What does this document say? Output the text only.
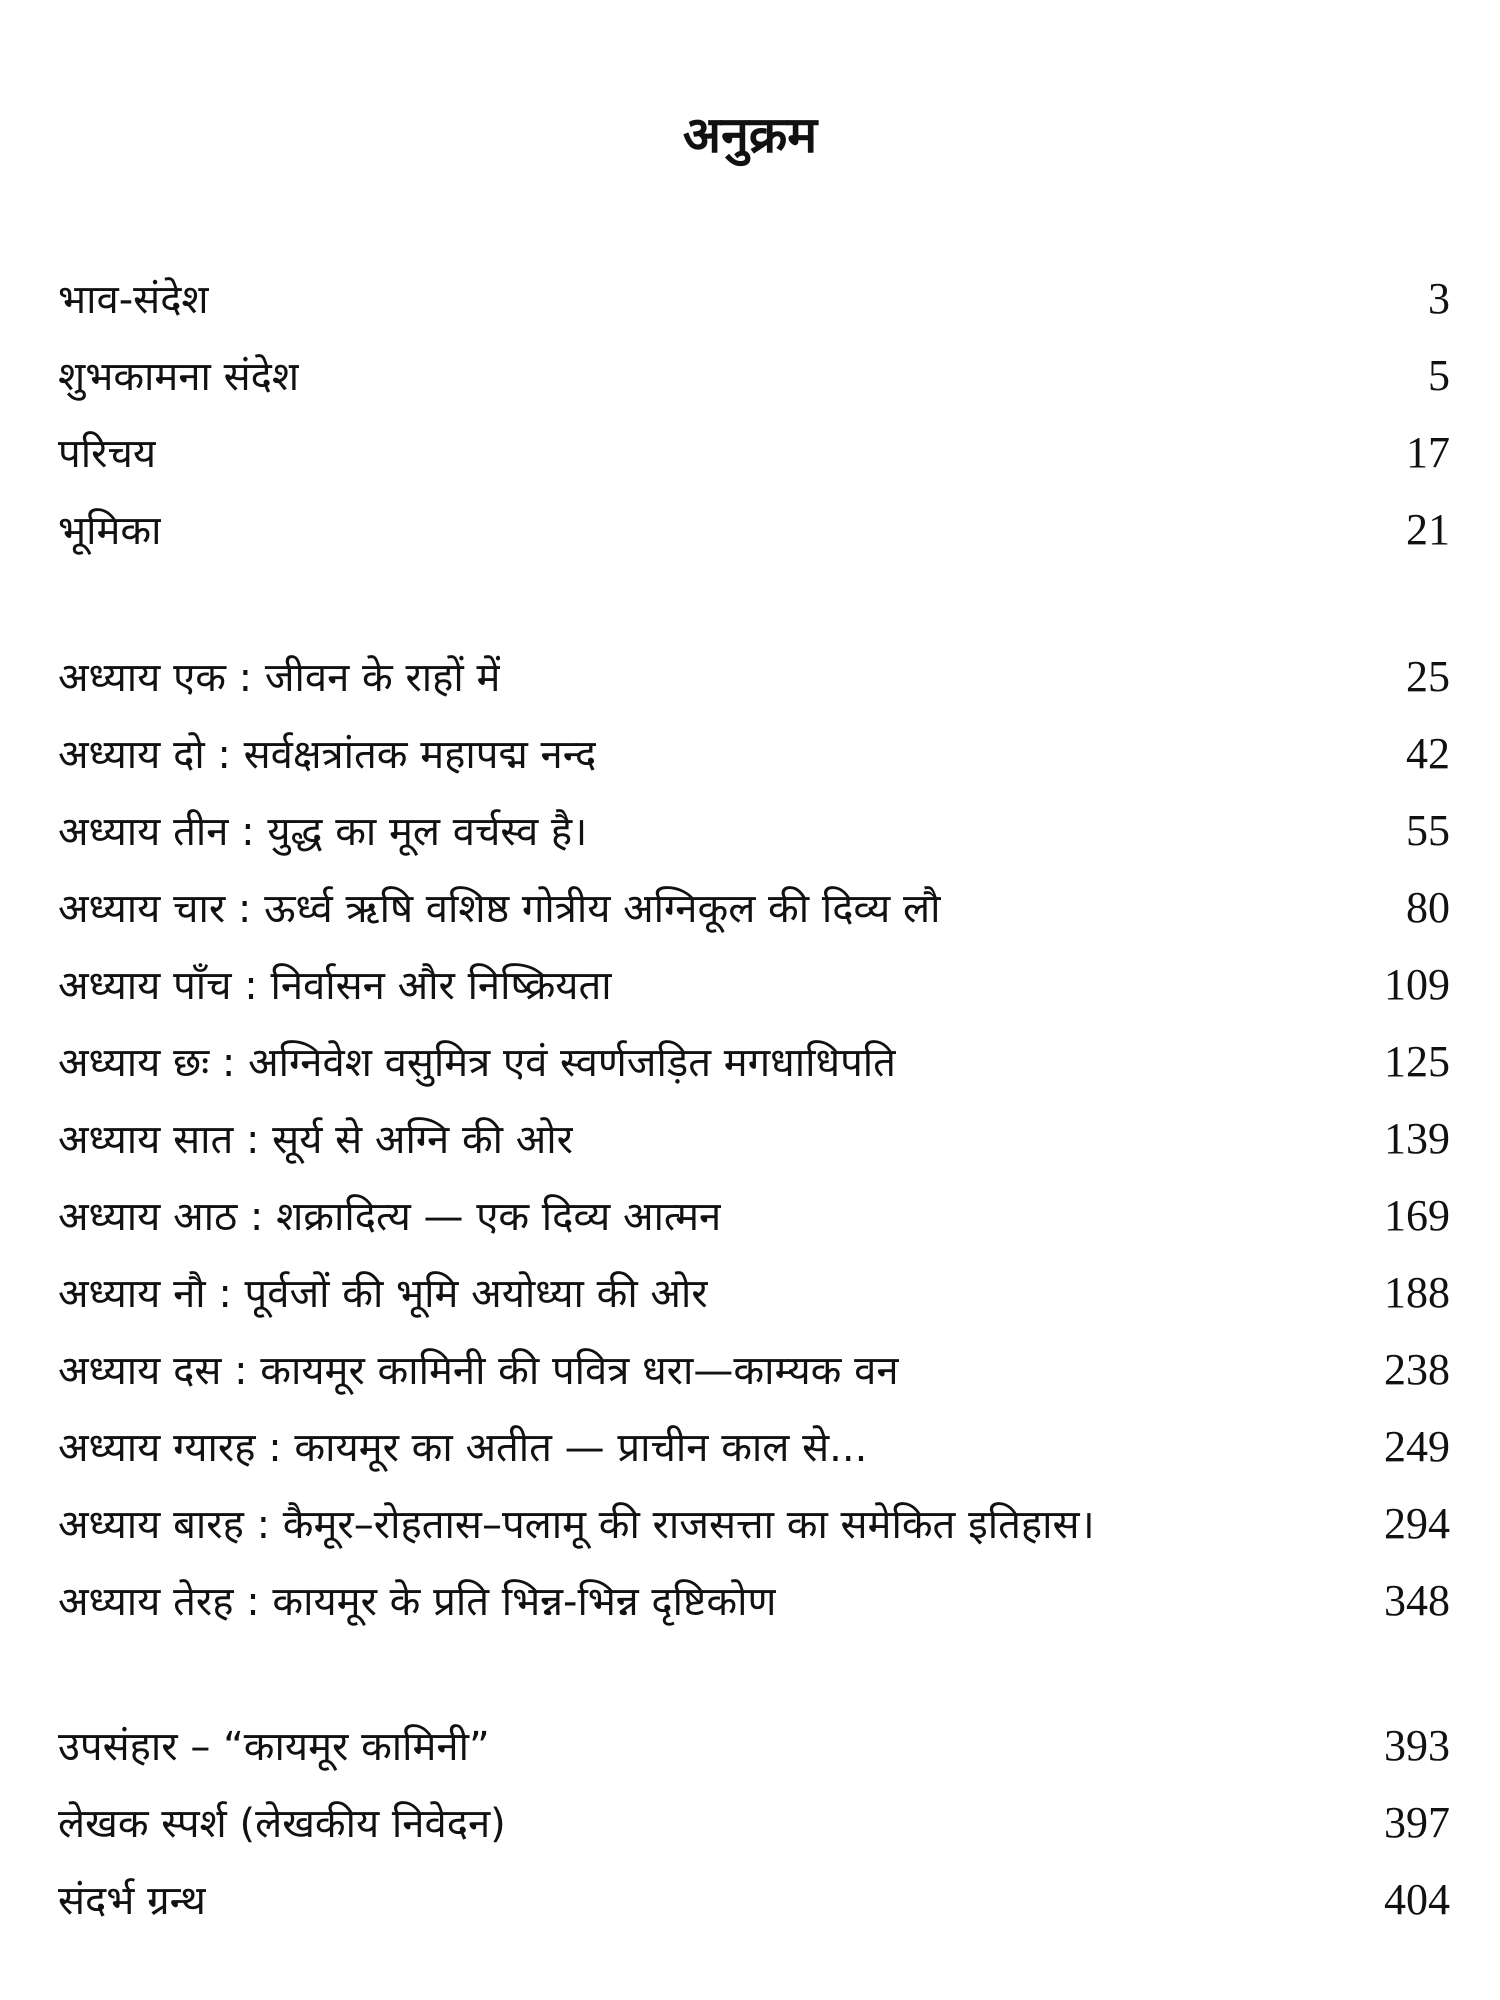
अनुक्रम
भाव-संदेश	3
शुभकामना संदेश	5
परिचय	17
भूमिका	21
अध्याय एक : जीवन के राहों में	25
अध्याय दो : सर्वक्षत्रांतक महापद्म नन्द	42
अध्याय तीन : युद्ध का मूल वर्चस्व है।	55
अध्याय चार : ऊर्ध्व ऋषि वशिष्ठ गोत्रीय अग्निकूल की दिव्य लौ	80
अध्याय पाँच : निर्वासन और निष्क्रियता	109
अध्याय छः : अग्निवेश वसुमित्र एवं स्वर्णजड़ित मगधाधिपति	125
अध्याय सात : सूर्य से अग्नि की ओर	139
अध्याय आठ : शक्रादित्य — एक दिव्य आत्मन	169
अध्याय नौ : पूर्वजों की भूमि अयोध्या की ओर	188
अध्याय दस : कायमूर कामिनी की पवित्र धरा—काम्यक वन	238
अध्याय ग्यारह : कायमूर का अतीत — प्राचीन काल से...	249
अध्याय बारह : कैमूर–रोहतास–पलामू की राजसत्ता का समेकित इतिहास।	294
अध्याय तेरह : कायमूर के प्रति भिन्न-भिन्न दृष्टिकोण	348
उपसंहार – “कायमूर कामिनी”	393
लेखक स्पर्श (लेखकीय निवेदन)	397
संदर्भ ग्रन्थ	404
